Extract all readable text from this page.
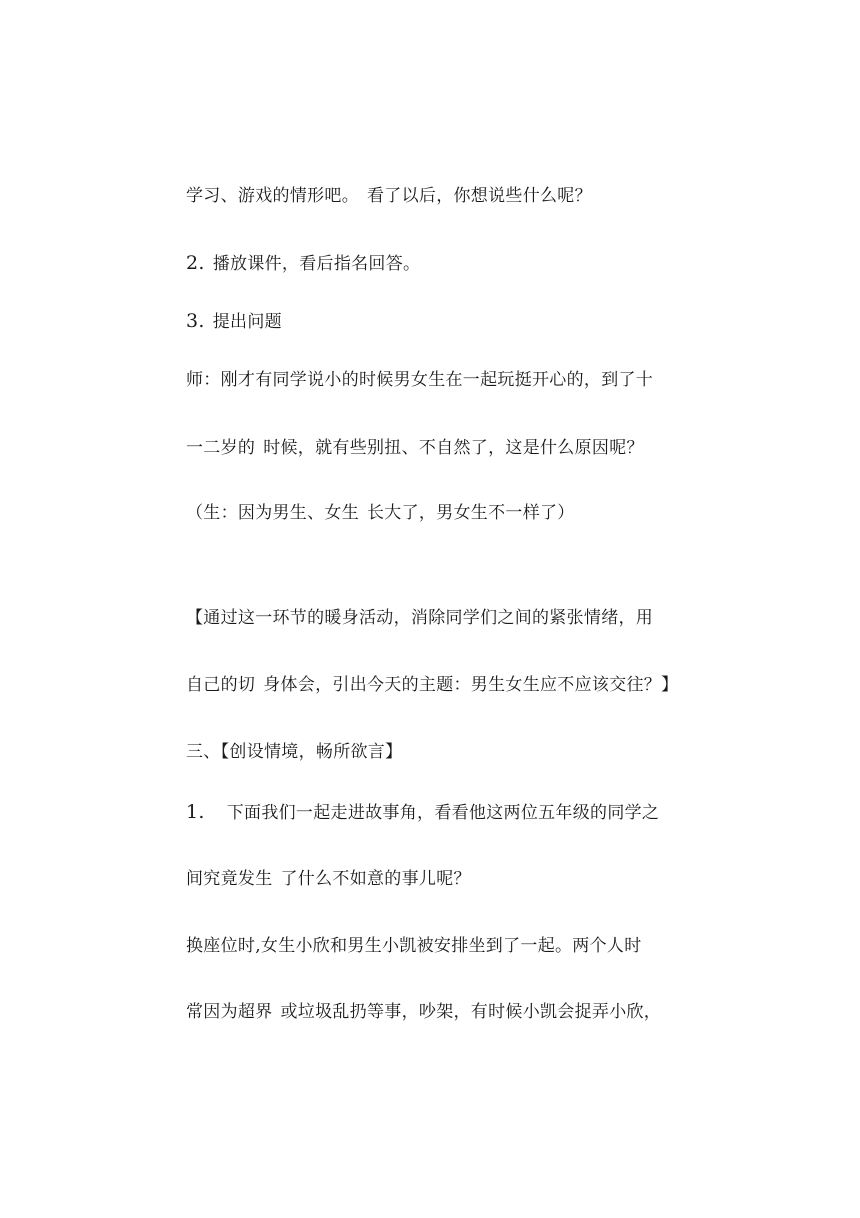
学习、游戏的情形吧。 看了以后，你想说些什么呢？
2. 播放课件，看后指名回答。
3. 提出问题
师：刚才有同学说小的时候男女生在一起玩挺开心的，到了十
一二岁的 时候，就有些别扭、不自然了，这是什么原因呢？
（生：因为男生、女生 长大了，男女生不一样了）
【通过这一环节的暖身活动，消除同学们之间的紧张情绪，用
自己的切 身体会，引出今天的主题：男生女生应不应该交往？】
三、【创设情境，畅所欲言】
1. 下面我们一起走进故事角，看看他这两位五年级的同学之
间究竟发生 了什么不如意的事儿呢？
换座位时,女生小欣和男生小凯被安排坐到了一起。两个人时
常因为超界 或垃圾乱扔等事，吵架，有时候小凯会捉弄小欣，
